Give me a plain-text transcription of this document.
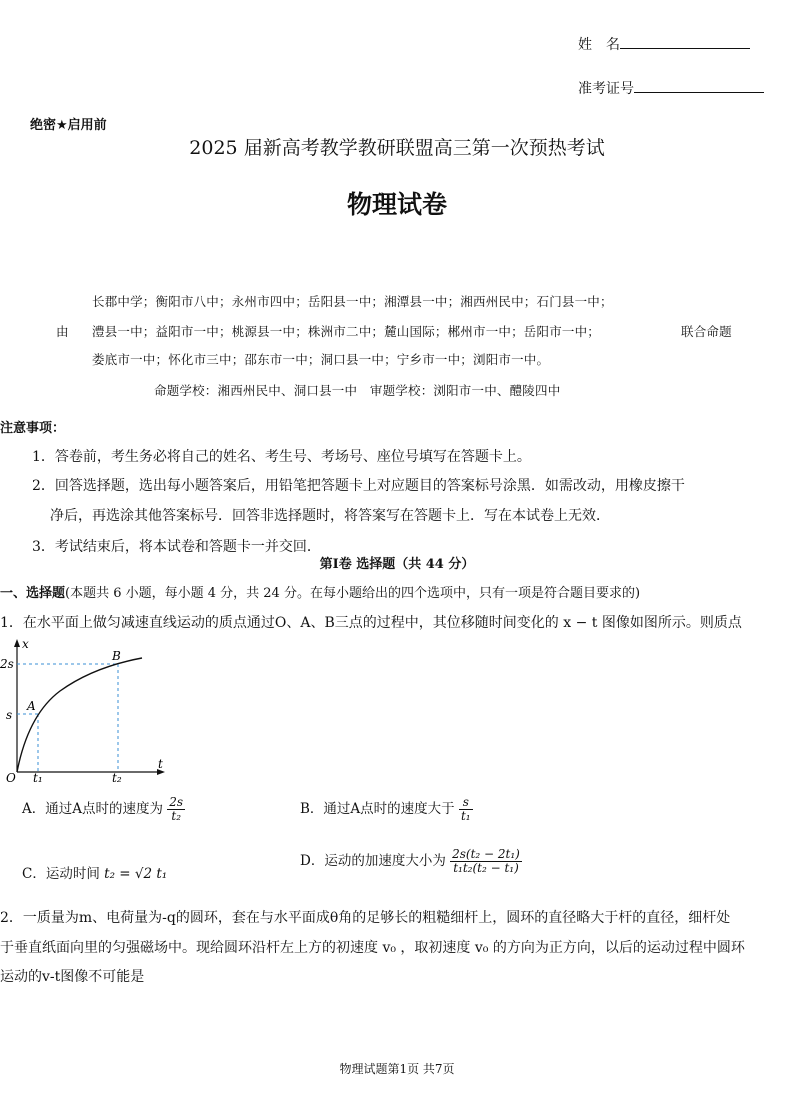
姓　名
准考证号
绝密★启用前
2025 届新高考教学教研联盟高三第一次预热考试
物理试卷
长郡中学；衡阳市八中；永州市四中；岳阳县一中；湘潭县一中；湘西州民中；石门县一中；
由 澧县一中；益阳市一中；桃源县一中；株洲市二中；麓山国际；郴州市一中；岳阳市一中；	联合命题
娄底市一中；怀化市三中；邵东市一中；洞口县一中；宁乡市一中；浏阳市一中。
命题学校：湘西州民中、洞口县一中　审题学校：浏阳市一中、醴陵四中
注意事项：
1．答卷前，考生务必将自己的姓名、考生号、考场号、座位号填写在答题卡上。
2．回答选择题，选出每小题答案后，用铅笔把答题卡上对应题目的答案标号涂黑．如需改动，用橡皮擦干
净后，再选涂其他答案标号．回答非选择题时，将答案写在答题卡上．写在本试卷上无效．
3．考试结束后，将本试卷和答题卡一并交回．
第Ⅰ卷 选择题（共 44 分）
一、选择题(本题共 6 小题，每小题 4 分，共 24 分。在每小题给出的四个选项中，只有一项是符合题目要求的)
1．在水平面上做匀减速直线运动的质点通过O、A、B三点的过程中，其位移随时间变化的 x − t 图像如图所示。则质点
x
t
O
2s
s
t₁	t₂
A
B
A．通过A点时的速度为 $\frac{2s}{\text{t₂}}$	B．通过A点时的速度大于 $\frac{s}{\text{t₁}}$
C．运动时间 t₂ = √2 t₁
D．运动的加速度大小为 $\frac{\text{2s(t₂ − 2t₁)}}{\text{t₁t₂(t₂ − t₁)}}$
2．一质量为m、电荷量为-q的圆环，套在与水平面成θ角的足够长的粗糙细杆上，圆环的直径略大于杆的直径，细杆处
于垂直纸面向里的匀强磁场中。现给圆环沿杆左上方的初速度 v₀ ，取初速度 v₀ 的方向为正方向，以后的运动过程中圆环
运动的v-t图像不可能是
物理试题第1页 共7页
